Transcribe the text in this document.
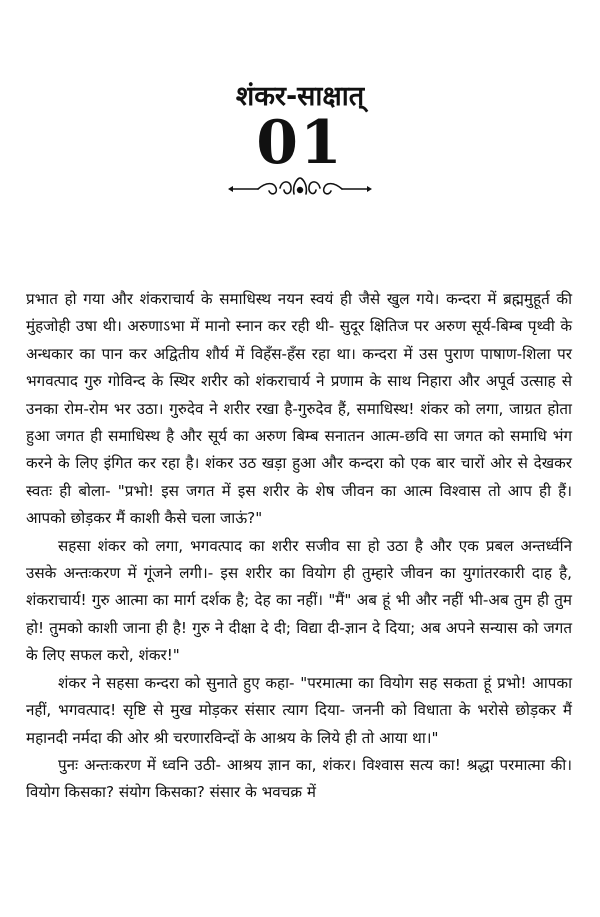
शंकर-साक्षात्
01

प्रभात हो गया और शंकराचार्य के समाधिस्थ नयन स्वयं ही जैसे खुल गये। कन्दरा में ब्रह्ममुहूर्त की मुंहजोही उषा थी। अरुणाऽभा में मानो स्नान कर रही थी- सुदूर क्षितिज पर अरुण सूर्य-बिम्ब पृथ्वी के अन्धकार का पान कर अद्वितीय शौर्य में विहँस-हँस रहा था। कन्दरा में उस पुराण पाषाण-शिला पर भगवत्पाद गुरु गोविन्द के स्थिर शरीर को शंकराचार्य ने प्रणाम के साथ निहारा और अपूर्व उत्साह से उनका रोम-रोम भर उठा। गुरुदेव ने शरीर रखा है-गुरुदेव हैं, समाधिस्थ! शंकर को लगा, जाग्रत होता हुआ जगत ही समाधिस्थ है और सूर्य का अरुण बिम्ब सनातन आत्म-छवि सा जगत को समाधि भंग करने के लिए इंगित कर रहा है। शंकर उठ खड़ा हुआ और कन्दरा को एक बार चारों ओर से देखकर स्वतः ही बोला- "प्रभो! इस जगत में इस शरीर के शेष जीवन का आत्म विश्वास तो आप ही हैं। आपको छोड़कर मैं काशी कैसे चला जाऊं?"

सहसा शंकर को लगा, भगवत्पाद का शरीर सजीव सा हो उठा है और एक प्रबल अन्तर्ध्वनि उसके अन्तःकरण में गूंजने लगी।- इस शरीर का वियोग ही तुम्हारे जीवन का युगांतरकारी दाह है, शंकराचार्य! गुरु आत्मा का मार्ग दर्शक है; देह का नहीं। "मैं" अब हूं भी और नहीं भी-अब तुम ही तुम हो! तुमको काशी जाना ही है! गुरु ने दीक्षा दे दी; विद्या दी-ज्ञान दे दिया; अब अपने सन्यास को जगत के लिए सफल करो, शंकर!"

शंकर ने सहसा कन्दरा को सुनाते हुए कहा- "परमात्मा का वियोग सह सकता हूं प्रभो! आपका नहीं, भगवत्पाद! सृष्टि से मुख मोड़कर संसार त्याग दिया- जननी को विधाता के भरोसे छोड़कर मैं महानदी नर्मदा की ओर श्री चरणारविन्दों के आश्रय के लिये ही तो आया था।"

पुनः अन्तःकरण में ध्वनि उठी- आश्रय ज्ञान का, शंकर। विश्वास सत्य का! श्रद्धा परमात्मा की। वियोग किसका? संयोग किसका? संसार के भवचक्र में
